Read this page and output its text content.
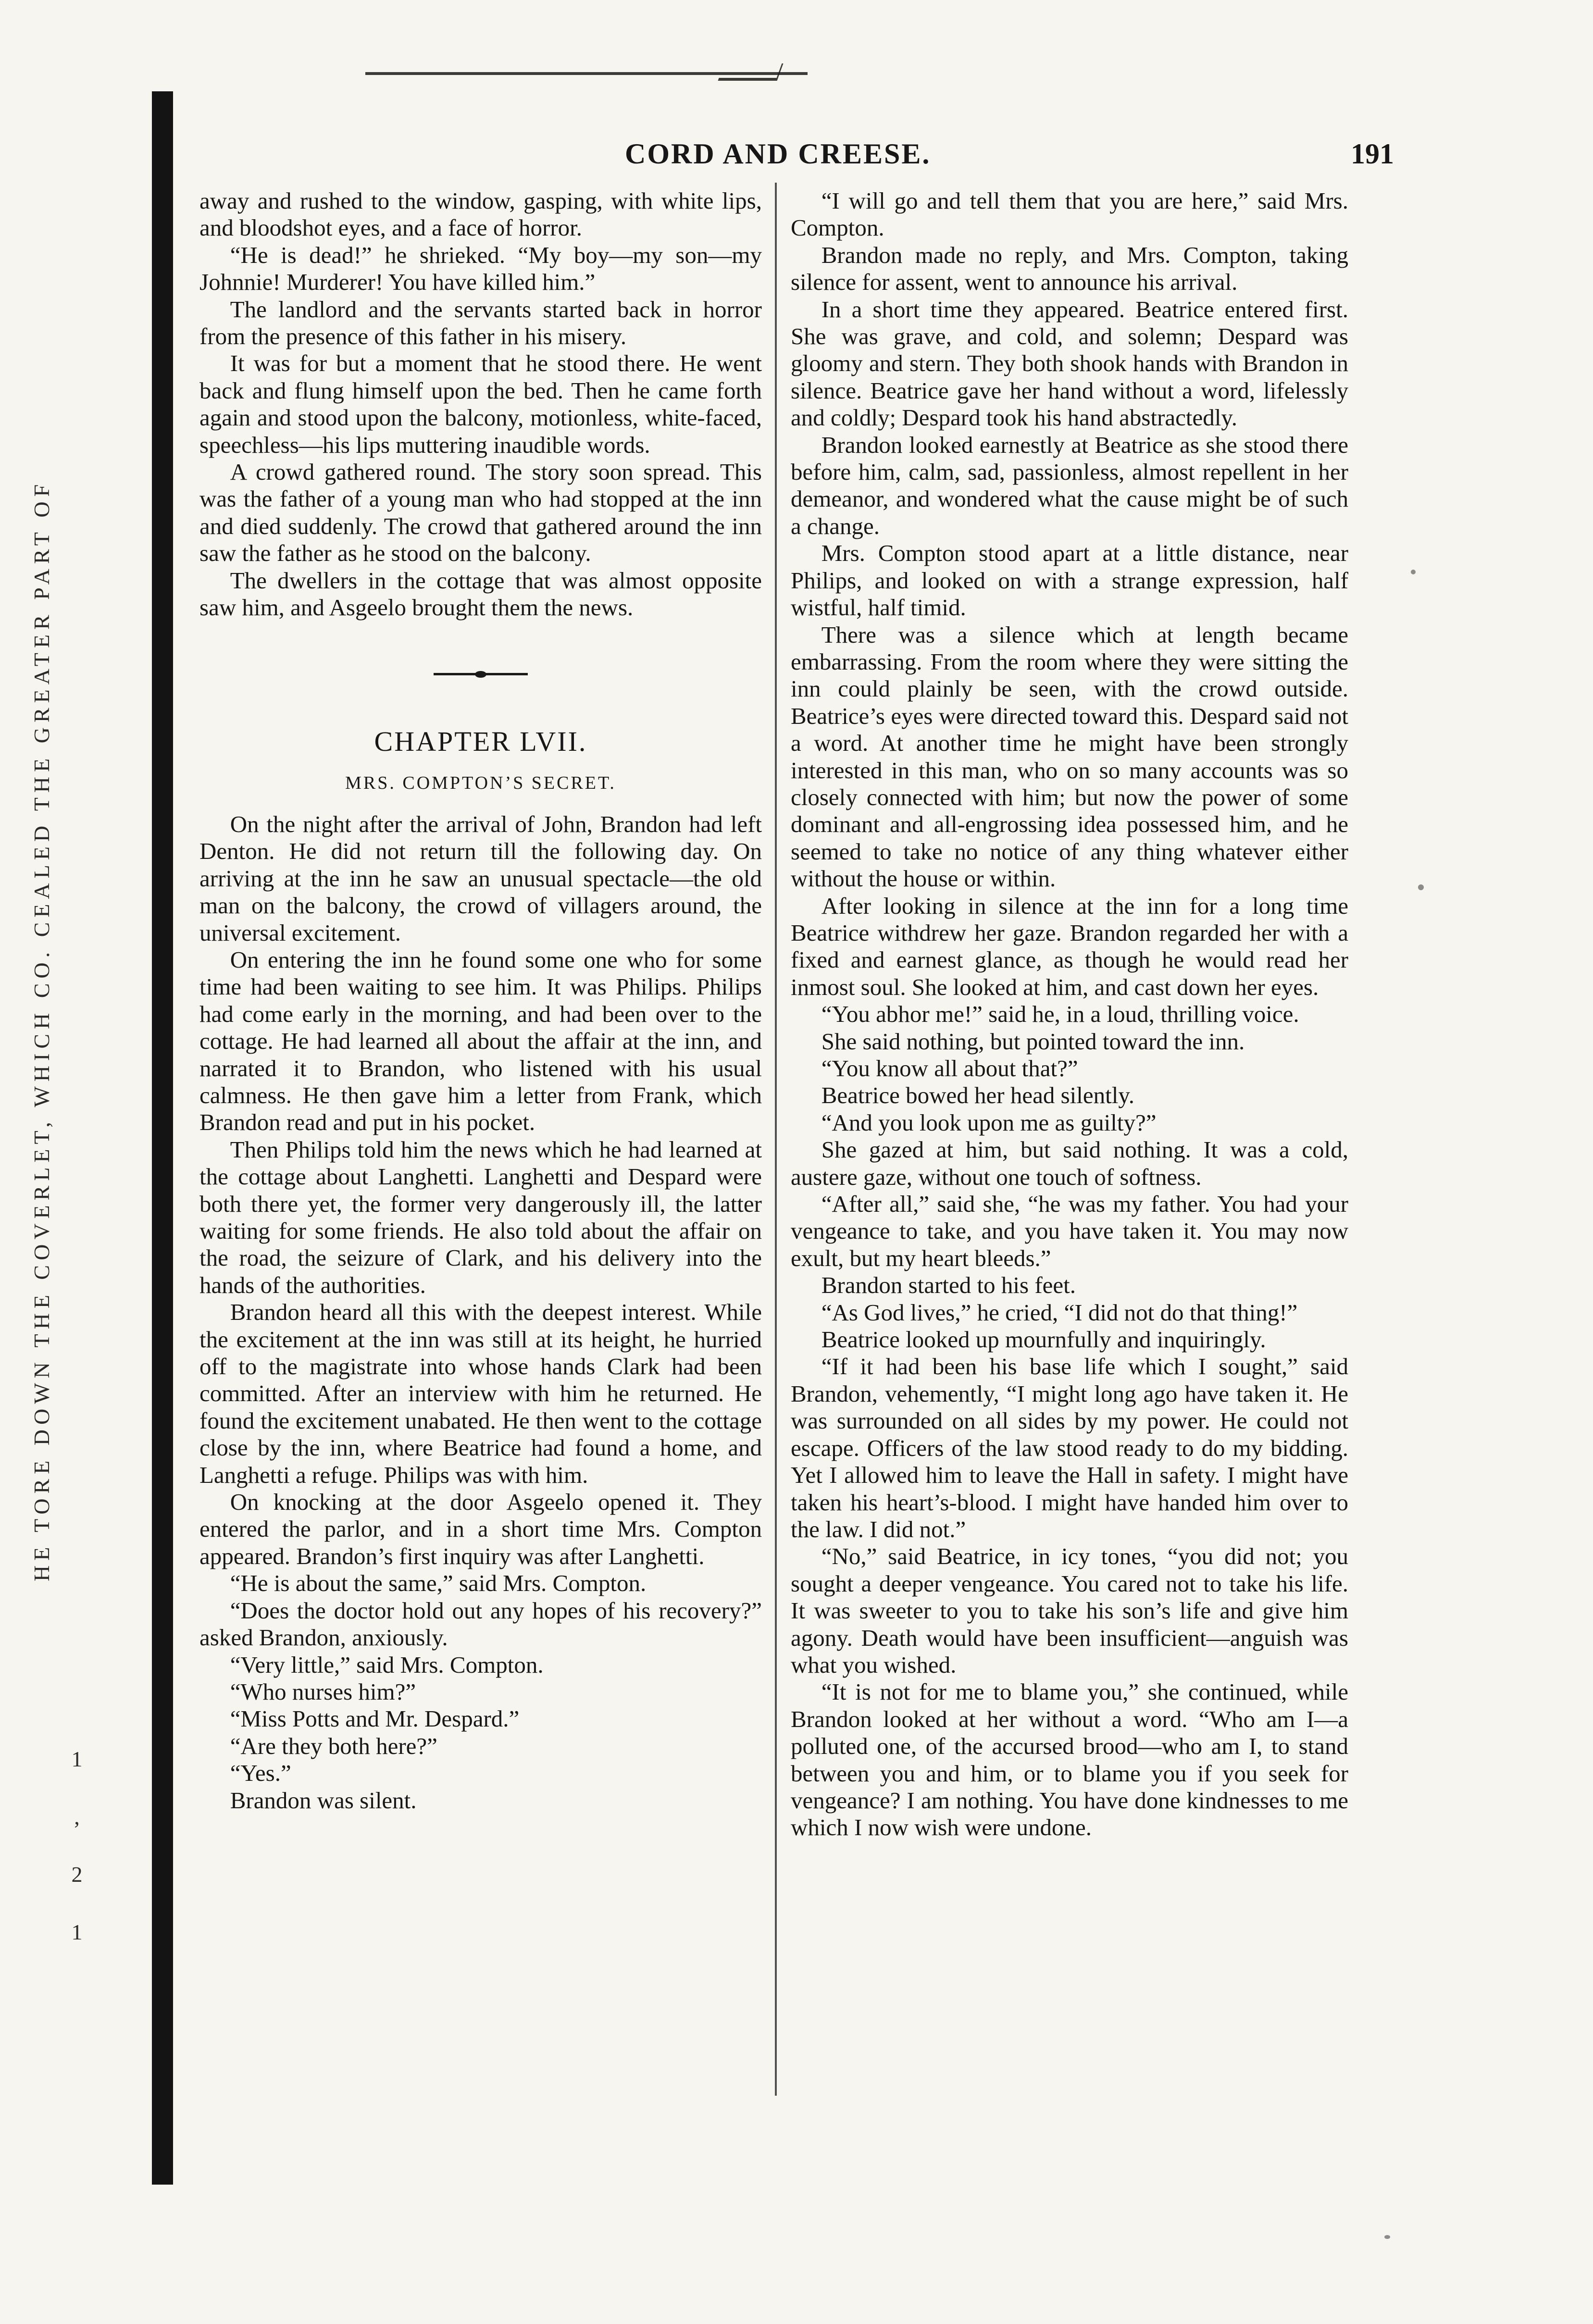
HE TORE DOWN THE COVERLET, WHICH CO. CEALED THE GREATER PART OF
1
,
2
1
CORD AND CREESE.	191

away and rushed to the window, gasping, with white lips, and bloodshot eyes, and a face of horror.

“He is dead!” he shrieked. “My boy—my son—my Johnnie! Murderer! You have killed him.”

The landlord and the servants started back in horror from the presence of this father in his misery.

It was for but a moment that he stood there. He went back and flung himself upon the bed. Then he came forth again and stood upon the balcony, motionless, white-faced, speechless—his lips muttering inaudible words.

A crowd gathered round. The story soon spread. This was the father of a young man who had stopped at the inn and died suddenly. The crowd that gathered around the inn saw the father as he stood on the balcony.

The dwellers in the cottage that was almost opposite saw him, and Asgeelo brought them the news.

CHAPTER LVII.
MRS. COMPTON’S SECRET.

On the night after the arrival of John, Brandon had left Denton. He did not return till the following day. On arriving at the inn he saw an unusual spectacle—the old man on the balcony, the crowd of villagers around, the universal excitement.

On entering the inn he found some one who for some time had been waiting to see him. It was Philips. Philips had come early in the morning, and had been over to the cottage. He had learned all about the affair at the inn, and narrated it to Brandon, who listened with his usual calmness. He then gave him a letter from Frank, which Brandon read and put in his pocket.

Then Philips told him the news which he had learned at the cottage about Langhetti. Langhetti and Despard were both there yet, the former very dangerously ill, the latter waiting for some friends. He also told about the affair on the road, the seizure of Clark, and his delivery into the hands of the authorities.

Brandon heard all this with the deepest interest. While the excitement at the inn was still at its height, he hurried off to the magistrate into whose hands Clark had been committed. After an interview with him he returned. He found the excitement unabated. He then went to the cottage close by the inn, where Beatrice had found a home, and Langhetti a refuge. Philips was with him.

On knocking at the door Asgeelo opened it. They entered the parlor, and in a short time Mrs. Compton appeared. Brandon’s first inquiry was after Langhetti.

“He is about the same,” said Mrs. Compton.

“Does the doctor hold out any hopes of his recovery?” asked Brandon, anxiously.

“Very little,” said Mrs. Compton.

“Who nurses him?”

“Miss Potts and Mr. Despard.”

“Are they both here?”

“Yes.”

Brandon was silent.

“I will go and tell them that you are here,” said Mrs. Compton.

Brandon made no reply, and Mrs. Compton, taking silence for assent, went to announce his arrival.

In a short time they appeared. Beatrice entered first. She was grave, and cold, and solemn; Despard was gloomy and stern. They both shook hands with Brandon in silence. Beatrice gave her hand without a word, lifelessly and coldly; Despard took his hand abstractedly.

Brandon looked earnestly at Beatrice as she stood there before him, calm, sad, passionless, almost repellent in her demeanor, and wondered what the cause might be of such a change.

Mrs. Compton stood apart at a little distance, near Philips, and looked on with a strange expression, half wistful, half timid.

There was a silence which at length became embarrassing. From the room where they were sitting the inn could plainly be seen, with the crowd outside. Beatrice’s eyes were directed toward this. Despard said not a word. At another time he might have been strongly interested in this man, who on so many accounts was so closely connected with him; but now the power of some dominant and all-engrossing idea possessed him, and he seemed to take no notice of any thing whatever either without the house or within.

After looking in silence at the inn for a long time Beatrice withdrew her gaze. Brandon regarded her with a fixed and earnest glance, as though he would read her inmost soul. She looked at him, and cast down her eyes.

“You abhor me!” said he, in a loud, thrilling voice.

She said nothing, but pointed toward the inn.

“You know all about that?”

Beatrice bowed her head silently.

“And you look upon me as guilty?”

She gazed at him, but said nothing. It was a cold, austere gaze, without one touch of softness.

“After all,” said she, “he was my father. You had your vengeance to take, and you have taken it. You may now exult, but my heart bleeds.”

Brandon started to his feet.

“As God lives,” he cried, “I did not do that thing!”

Beatrice looked up mournfully and inquiringly.

“If it had been his base life which I sought,” said Brandon, vehemently, “I might long ago have taken it. He was surrounded on all sides by my power. He could not escape. Officers of the law stood ready to do my bidding. Yet I allowed him to leave the Hall in safety. I might have taken his heart’s-blood. I might have handed him over to the law. I did not.”

“No,” said Beatrice, in icy tones, “you did not; you sought a deeper vengeance. You cared not to take his life. It was sweeter to you to take his son’s life and give him agony. Death would have been insufficient—anguish was what you wished.

“It is not for me to blame you,” she continued, while Brandon looked at her without a word. “Who am I—a polluted one, of the accursed brood—who am I, to stand between you and him, or to blame you if you seek for vengeance? I am nothing. You have done kindnesses to me which I now wish were undone.
